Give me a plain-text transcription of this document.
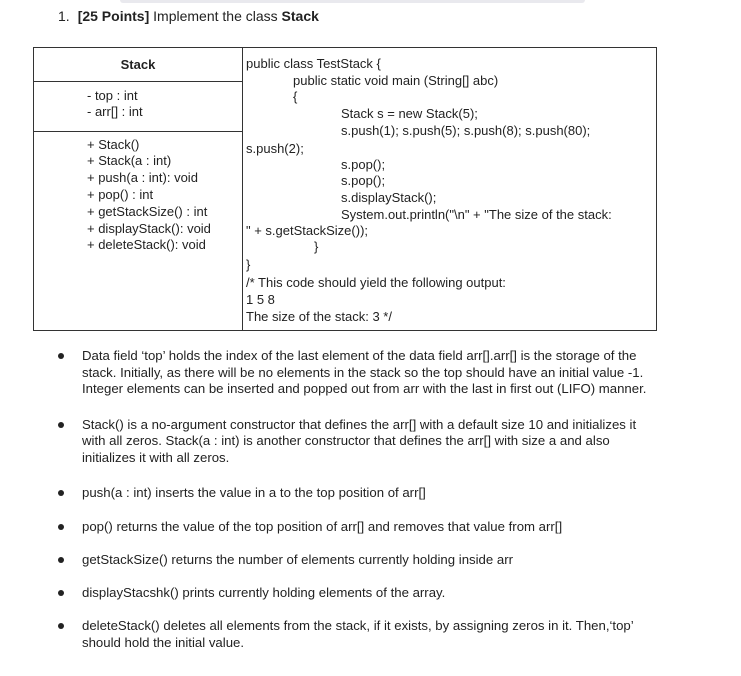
1. [25 Points] Implement the class Stack
Stack
- top : int
- arr[] : int
+ Stack()
+ Stack(a : int)
+ push(a : int): void
+ pop() : int
+ getStackSize() : int
+ displayStack(): void
+ deleteStack(): void
public class TestStack {
public static void main (String[] abc)
{
Stack s = new Stack(5);
s.push(1); s.push(5); s.push(8); s.push(80);
s.push(2);
s.pop();
s.pop();
s.displayStack();
System.out.println("\n" + "The size of the stack:
" + s.getStackSize());
}
}
/* This code should yield the following output:
1 5 8
The size of the stack: 3 */
Data field ‘top’ holds the index of the last element of the data field arr[].arr[] is the storage of the stack. Initially, as there will be no elements in the stack so the top should have an initial value -1. Integer elements can be inserted and popped out from arr with the last in first out (LIFO) manner.
Stack() is a no-argument constructor that defines the arr[] with a default size 10 and initializes it with all zeros. Stack(a : int) is another constructor that defines the arr[] with size a and also initializes it with all zeros.
push(a : int) inserts the value in a to the top position of arr[]
pop() returns the value of the top position of arr[] and removes that value from arr[]
getStackSize() returns the number of elements currently holding inside arr
displayStacshk() prints currently holding elements of the array.
deleteStack() deletes all elements from the stack, if it exists, by assigning zeros in it. Then,‘top’ should hold the initial value.
